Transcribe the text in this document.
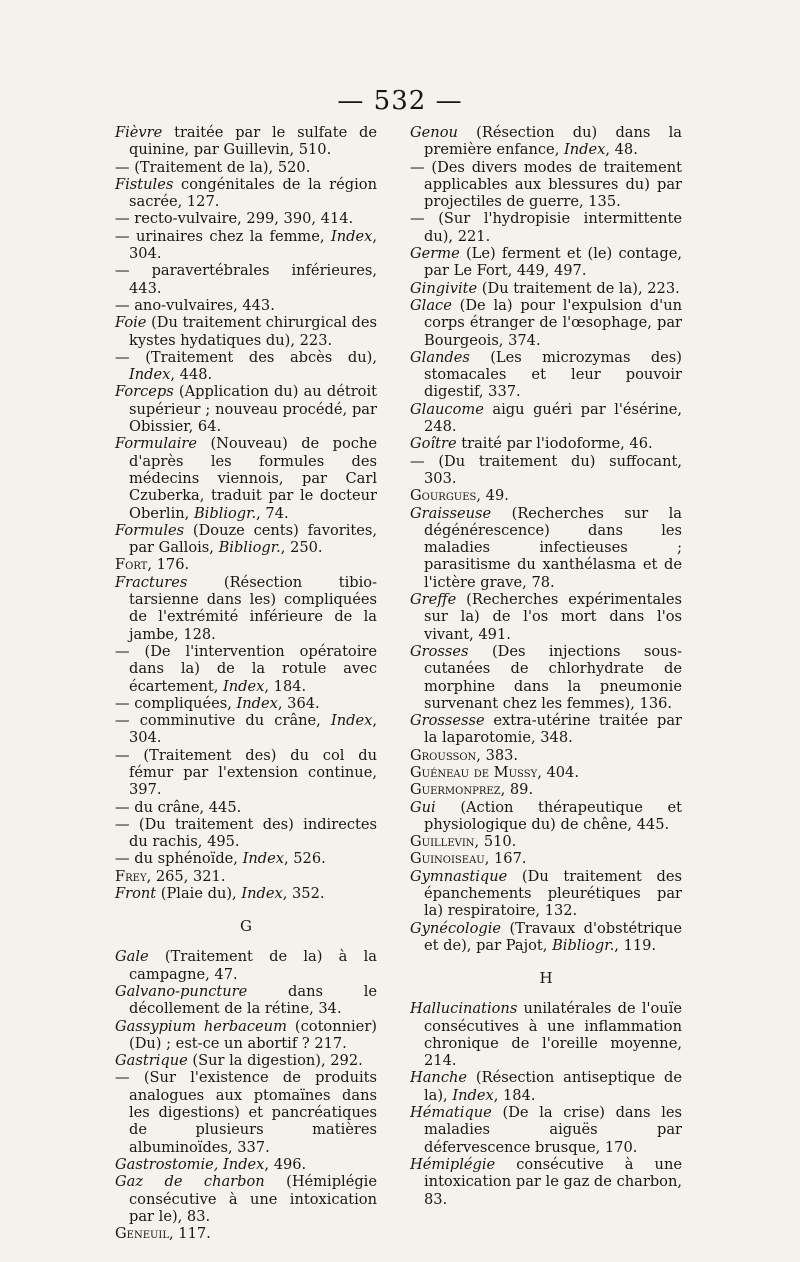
— 532 —
Fièvre traitée par le sulfate de quinine, par Guillevin, 510.
— (Traitement de la), 520.
Fistules congénitales de la région sacrée, 127.
— recto-vulvaire, 299, 390, 414.
— urinaires chez la femme, Index, 304.
— paravertébrales inférieures, 443.
— ano-vulvaires, 443.
Foie (Du traitement chirurgical des kystes hydatiques du), 223.
— (Traitement des abcès du), Index, 448.
Forceps (Application du) au détroit supérieur ; nouveau procédé, par Obissier, 64.
Formulaire (Nouveau) de poche d'après les formules des médecins viennois, par Carl Czuberka, traduit par le docteur Oberlin, Bibliogr., 74.
Formules (Douze cents) favorites, par Gallois, Bibliogr., 250.
Fort, 176.
Fractures (Résection tibio-tarsienne dans les) compliquées de l'extrémité inférieure de la jambe, 128.
— (De l'intervention opératoire dans la) de la rotule avec écartement, Index, 184.
— compliquées, Index, 364.
— comminutive du crâne, Index, 304.
— (Traitement des) du col du fémur par l'extension continue, 397.
— du crâne, 445.
— (Du traitement des) indirectes du rachis, 495.
— du sphénoïde, Index, 526.
Frey, 265, 321.
Front (Plaie du), Index, 352.
G
Gale (Traitement de la) à la campagne, 47.
Galvano-puncture dans le décollement de la rétine, 34.
Gassypium herbaceum (cotonnier) (Du) ; est-ce un abortif ? 217.
Gastrique (Sur la digestion), 292.
— (Sur l'existence de produits analogues aux ptomaïnes dans les digestions) et pancréatiques de plusieurs matières albuminoïdes, 337.
Gastrostomie, Index, 496.
Gaz de charbon (Hémiplégie consécutive à une intoxication par le), 83.
Geneuil, 117.
Genou (Résection du) dans la première enfance, Index, 48.
— (Des divers modes de traitement applicables aux blessures du) par projectiles de guerre, 135.
— (Sur l'hydropisie intermittente du), 221.
Germe (Le) ferment et (le) contage, par Le Fort, 449, 497.
Gingivite (Du traitement de la), 223.
Glace (De la) pour l'expulsion d'un corps étranger de l'œsophage, par Bourgeois, 374.
Glandes (Les microzymas des) stomacales et leur pouvoir digestif, 337.
Glaucome aigu guéri par l'ésérine, 248.
Goître traité par l'iodoforme, 46.
— (Du traitement du) suffocant, 303.
Gourgues, 49.
Graisseuse (Recherches sur la dégénérescence) dans les maladies infectieuses ; parasitisme du xanthélasma et de l'ictère grave, 78.
Greffe (Recherches expérimentales sur la) de l'os mort dans l'os vivant, 491.
Grosses (Des injections sous-cutanées de chlorhydrate de morphine dans la pneumonie survenant chez les femmes), 136.
Grossesse extra-utérine traitée par la laparotomie, 348.
Grousson, 383.
Guéneau de Mussy, 404.
Guermonprez, 89.
Gui (Action thérapeutique et physiologique du) de chêne, 445.
Guillevin, 510.
Guinoiseau, 167.
Gymnastique (Du traitement des épanchements pleurétiques par la) respiratoire, 132.
Gynécologie (Travaux d'obstétrique et de), par Pajot, Bibliogr., 119.
H
Hallucinations unilatérales de l'ouïe consécutives à une inflammation chronique de l'oreille moyenne, 214.
Hanche (Résection antiseptique de la), Index, 184.
Hématique (De la crise) dans les maladies aiguës par défervescence brusque, 170.
Hémiplégie consécutive à une intoxication par le gaz de charbon, 83.
